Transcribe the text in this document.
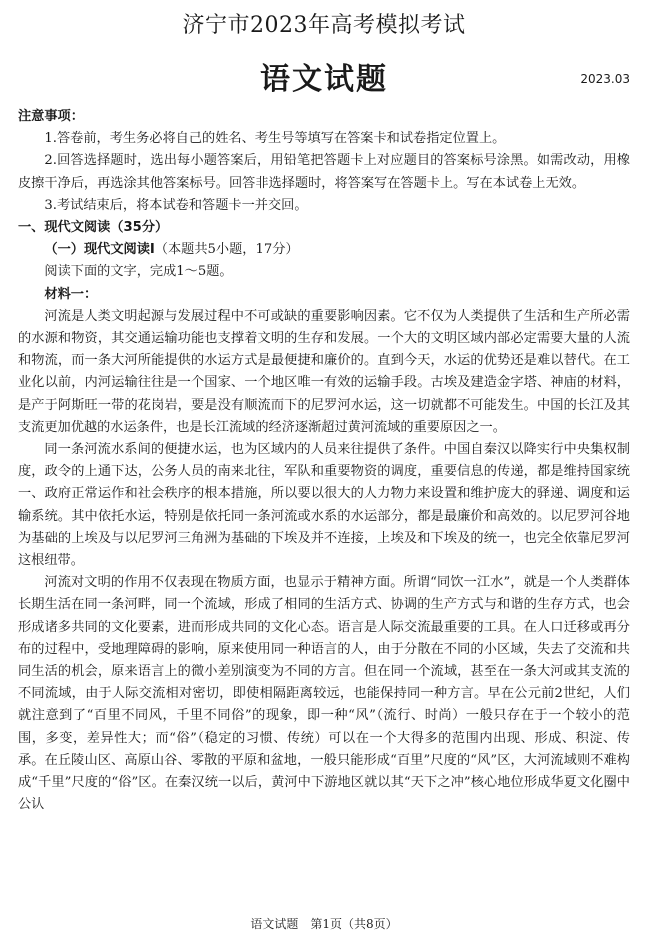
济宁市2023年高考模拟考试
语文试题	2023.03

注意事项：

1.答卷前，考生务必将自己的姓名、考生号等填写在答案卡和试卷指定位置上。

2.回答选择题时，选出每小题答案后，用铅笔把答题卡上对应题目的答案标号涂黑。如需改动，用橡皮擦干净后，再选涂其他答案标号。回答非选择题时，将答案写在答题卡上。写在本试卷上无效。

3.考试结束后，将本试卷和答题卡一并交回。

一、现代文阅读（35分）

（一）现代文阅读Ⅰ（本题共5小题，17分）

阅读下面的文字，完成1～5题。

材料一：

河流是人类文明起源与发展过程中不可或缺的重要影响因素。它不仅为人类提供了生活和生产所必需的水源和物资，其交通运输功能也支撑着文明的生存和发展。一个大的文明区域内部必定需要大量的人流和物流，而一条大河所能提供的水运方式是最便捷和廉价的。直到今天，水运的优势还是难以替代。在工业化以前，内河运输往往是一个国家、一个地区唯一有效的运输手段。古埃及建造金字塔、神庙的材料，是产于阿斯旺一带的花岗岩，要是没有顺流而下的尼罗河水运，这一切就都不可能发生。中国的长江及其支流更加优越的水运条件，也是长江流域的经济逐渐超过黄河流域的重要原因之一。

同一条河流水系间的便捷水运，也为区域内的人员来往提供了条件。中国自秦汉以降实行中央集权制度，政令的上通下达，公务人员的南来北往，军队和重要物资的调度，重要信息的传递，都是维持国家统一、政府正常运作和社会秩序的根本措施，所以要以很大的人力物力来设置和维护庞大的驿递、调度和运输系统。其中依托水运，特别是依托同一条河流或水系的水运部分，都是最廉价和高效的。以尼罗河谷地为基础的上埃及与以尼罗河三角洲为基础的下埃及并不连接，上埃及和下埃及的统一，也完全依靠尼罗河这根纽带。

河流对文明的作用不仅表现在物质方面，也显示于精神方面。所谓“同饮一江水”，就是一个人类群体长期生活在同一条河畔，同一个流域，形成了相同的生活方式、协调的生产方式与和谐的生存方式，也会形成诸多共同的文化要素，进而形成共同的文化心态。语言是人际交流最重要的工具。在人口迁移或再分布的过程中，受地理障碍的影响，原来使用同一种语言的人，由于分散在不同的小区域，失去了交流和共同生活的机会，原来语言上的微小差别演变为不同的方言。但在同一个流域，甚至在一条大河或其支流的不同流域，由于人际交流相对密切，即使相隔距离较远，也能保持同一种方言。早在公元前2世纪，人们就注意到了“百里不同风，千里不同俗”的现象，即一种“风”（流行、时尚）一般只存在于一个较小的范围，多变，差异性大；而“俗”（稳定的习惯、传统）可以在一个大得多的范围内出现、形成、积淀、传承。在丘陵山区、高原山谷、零散的平原和盆地，一般只能形成“百里”尺度的“风”区，大河流域则不难构成“千里”尺度的“俗”区。在秦汉统一以后，黄河中下游地区就以其“天下之冲”核心地位形成华夏文化圈中公认

语文试题　第1页（共8页）
